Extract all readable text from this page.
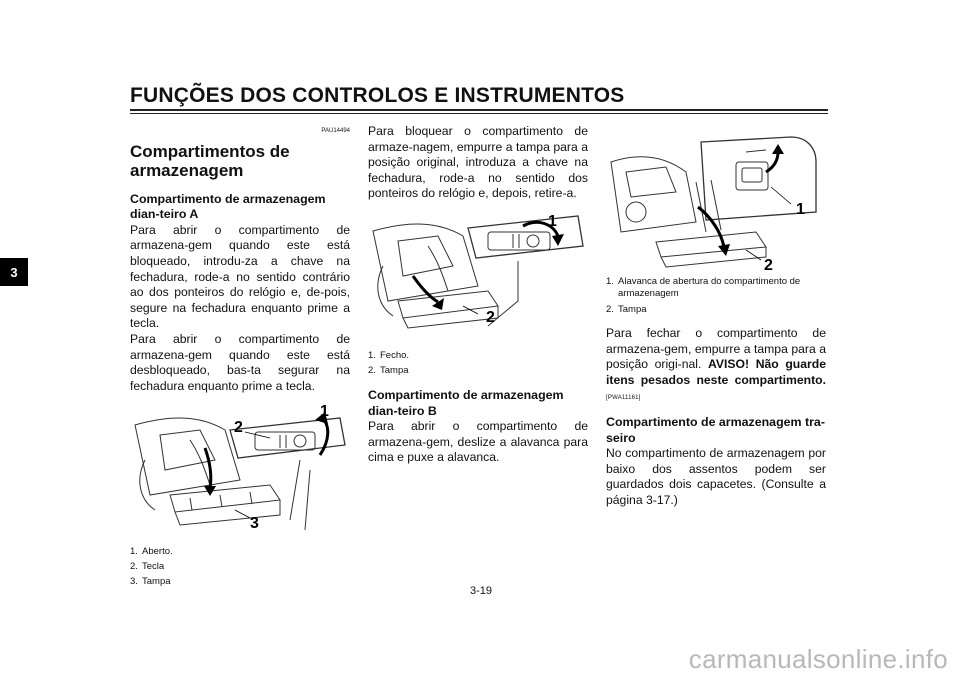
FUNÇÕES DOS CONTROLOS E INSTRUMENTOS
3
PAU14494
Compartimentos de armazenagem
Compartimento de armazenagem dian-teiro A

Para abrir o compartimento de armazena-gem quando este está bloqueado, introdu-za a chave na fechadura, rode-a no sentido contrário ao dos ponteiros do relógio e, de-pois, segure na fechadura enquanto prime a tecla.

Para abrir o compartimento de armazena-gem quando este está desbloqueado, bas-ta segurar na fechadura enquanto prime a tecla.

1
2
3
1. Aberto.
2. Tecla
3. Tampa

Para bloquear o compartimento de armaze-nagem, empurre a tampa para a posição original, introduza a chave na fechadura, rode-a no sentido dos ponteiros do relógio e, depois, retire-a.

1
2
1. Fecho.
2. Tampa
Compartimento de armazenagem dian-teiro B

Para abrir o compartimento de armazena-gem, deslize a alavanca para cima e puxe a alavanca.

1
2
1. Alavanca de abertura do compartimento de armazenagem
2. Tampa

Para fechar o compartimento de armazena-gem, empurre a tampa para a posição origi-nal. AVISO! Não guarde itens pesados neste compartimento.[PWA11161]

Compartimento de armazenagem tra-seiro

No compartimento de armazenagem por baixo dos assentos podem ser guardados dois capacetes. (Consulte a página 3-17.)

3-19
carmanualsonline.info
